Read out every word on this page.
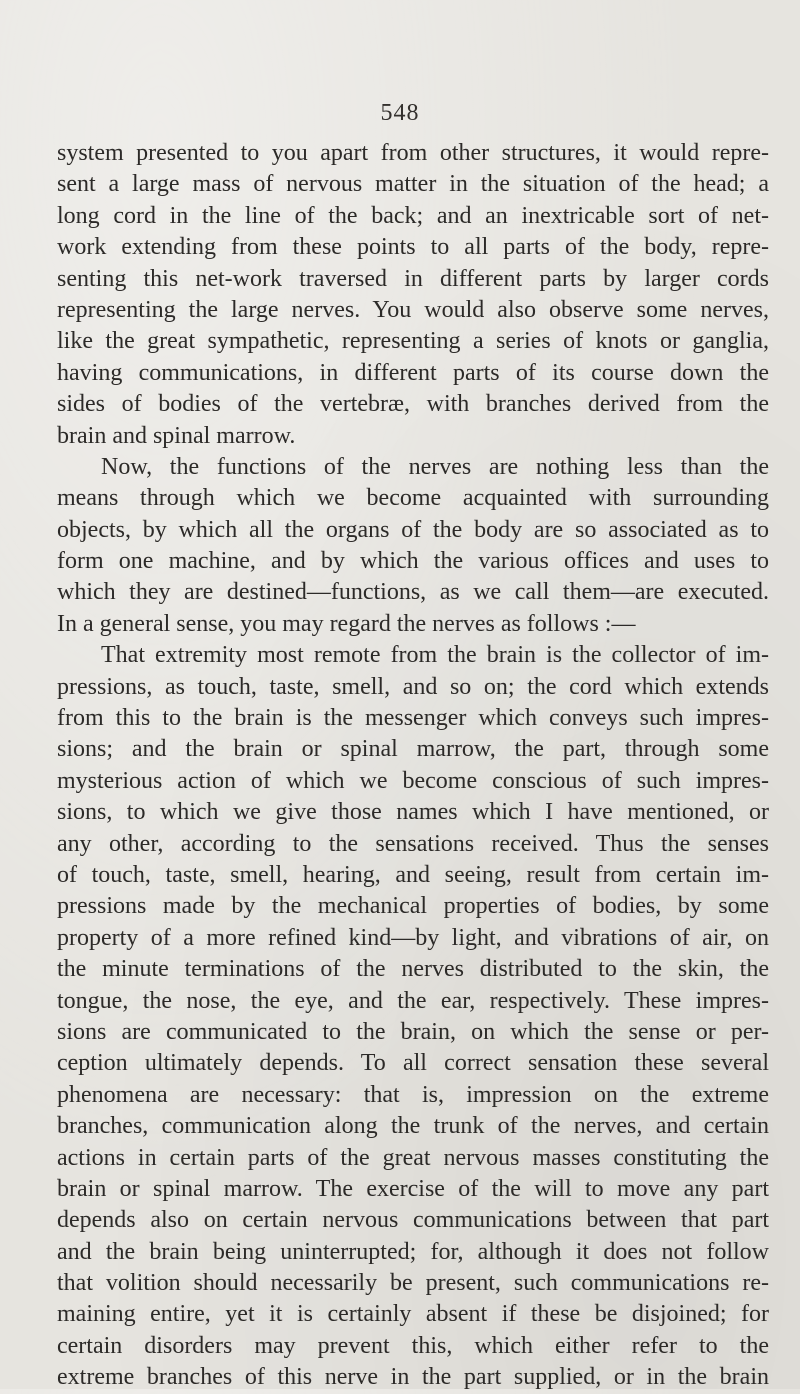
548
system presented to you apart from other structures, it would repre-
sent a large mass of nervous matter in the situation of the head; a
long cord in the line of the back; and an inextricable sort of net-
work extending from these points to all parts of the body, repre-
senting this net-work traversed in different parts by larger cords
representing the large nerves. You would also observe some nerves,
like the great sympathetic, representing a series of knots or ganglia,
having communications, in different parts of its course down the
sides of bodies of the vertebræ, with branches derived from the
brain and spinal marrow.
Now, the functions of the nerves are nothing less than the
means through which we become acquainted with surrounding
objects, by which all the organs of the body are so associated as to
form one machine, and by which the various offices and uses to
which they are destined—functions, as we call them—are executed.
In a general sense, you may regard the nerves as follows :—
That extremity most remote from the brain is the collector of im-
pressions, as touch, taste, smell, and so on; the cord which extends
from this to the brain is the messenger which conveys such impres-
sions; and the brain or spinal marrow, the part, through some
mysterious action of which we become conscious of such impres-
sions, to which we give those names which I have mentioned, or
any other, according to the sensations received. Thus the senses
of touch, taste, smell, hearing, and seeing, result from certain im-
pressions made by the mechanical properties of bodies, by some
property of a more refined kind—by light, and vibrations of air, on
the minute terminations of the nerves distributed to the skin, the
tongue, the nose, the eye, and the ear, respectively. These impres-
sions are communicated to the brain, on which the sense or per-
ception ultimately depends. To all correct sensation these several
phenomena are necessary: that is, impression on the extreme
branches, communication along the trunk of the nerves, and certain
actions in certain parts of the great nervous masses constituting the
brain or spinal marrow. The exercise of the will to move any part
depends also on certain nervous communications between that part
and the brain being uninterrupted; for, although it does not follow
that volition should necessarily be present, such communications re-
maining entire, yet it is certainly absent if these be disjoined; for
certain disorders may prevent this, which either refer to the
extreme branches of this nerve in the part supplied, or in the brain
